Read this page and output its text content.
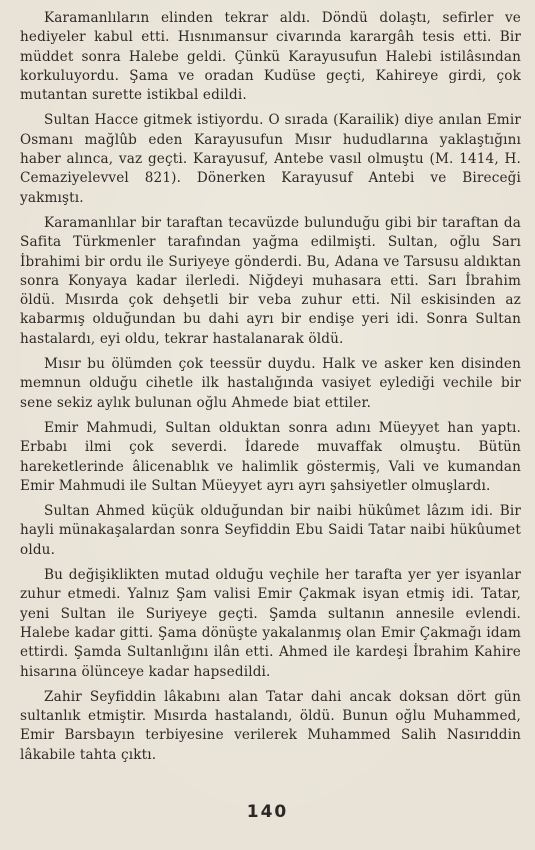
Karamanlıların elinden tekrar aldı. Döndü dolaştı, sefirler ve hediyeler kabul etti. Hısnımansur civarında karargâh tesis etti. Bir müddet sonra Halebe geldi. Çünkü Karayusufun Halebi istilâsından korkuluyordu. Şama ve oradan Kudüse geçti, Kahireye girdi, çok mutantan surette istikbal edildi.

Sultan Hacce gitmek istiyordu. O sırada (Karailik) diye anılan Emir Osmanı mağlûb eden Karayusufun Mısır hududlarına yaklaştığını haber alınca, vaz geçti. Karayusuf, Antebe vasıl olmuştu (M. 1414, H. Cemaziyelevvel 821). Dönerken Karayusuf Antebi ve Bireceği yakmıştı.

Karamanlılar bir taraftan tecavüzde bulunduğu gibi bir taraftan da Safita Türkmenler tarafından yağma edilmişti. Sultan, oğlu Sarı İbrahimi bir ordu ile Suriyeye gönderdi. Bu, Adana ve Tarsusu aldıktan sonra Konyaya kadar ilerledi. Niğdeyi muhasara etti. Sarı İbrahim öldü. Mısırda çok dehşetli bir veba zuhur etti. Nil eskisinden az kabarmış olduğundan bu dahi ayrı bir endişe yeri idi. Sonra Sultan hastalardı, eyi oldu, tekrar hastalanarak öldü.

Mısır bu ölümden çok teessür duydu. Halk ve asker ken disinden memnun olduğu cihetle ilk hastalığında vasiyet eylediği vechile bir sene sekiz aylık bulunan oğlu Ahmede biat ettiler.

Emir Mahmudi, Sultan olduktan sonra adını Müeyyet han yaptı. Erbabı ilmi çok severdi. İdarede muvaffak olmuştu. Bütün hareketlerinde âlicenablık ve halimlik göstermiş, Vali ve kumandan Emir Mahmudi ile Sultan Müeyyet ayrı ayrı şahsiyetler olmuşlardı.

Sultan Ahmed küçük olduğundan bir naibi hükûmet lâzım idi. Bir hayli münakaşalardan sonra Seyfiddin Ebu Saidi Tatar naibi hükûumet oldu.

Bu değişiklikten mutad olduğu veçhile her tarafta yer yer isyanlar zuhur etmedi. Yalnız Şam valisi Emir Çakmak isyan etmiş idi. Tatar, yeni Sultan ile Suriyeye geçti. Şamda sultanın annesile evlendi. Halebe kadar gitti. Şama dönüşte yakalanmış olan Emir Çakmağı idam ettirdi. Şamda Sultanlığını ilân etti. Ahmed ile kardeşi İbrahim Kahire hisarına ölünceye kadar hapsedildi.

Zahir Seyfiddin lâkabını alan Tatar dahi ancak doksan dört gün sultanlık etmiştir. Mısırda hastalandı, öldü. Bunun oğlu Muhammed, Emir Barsbayın terbiyesine verilerek Muhammed Salih Nasırıddin lâkabile tahta çıktı.

140
